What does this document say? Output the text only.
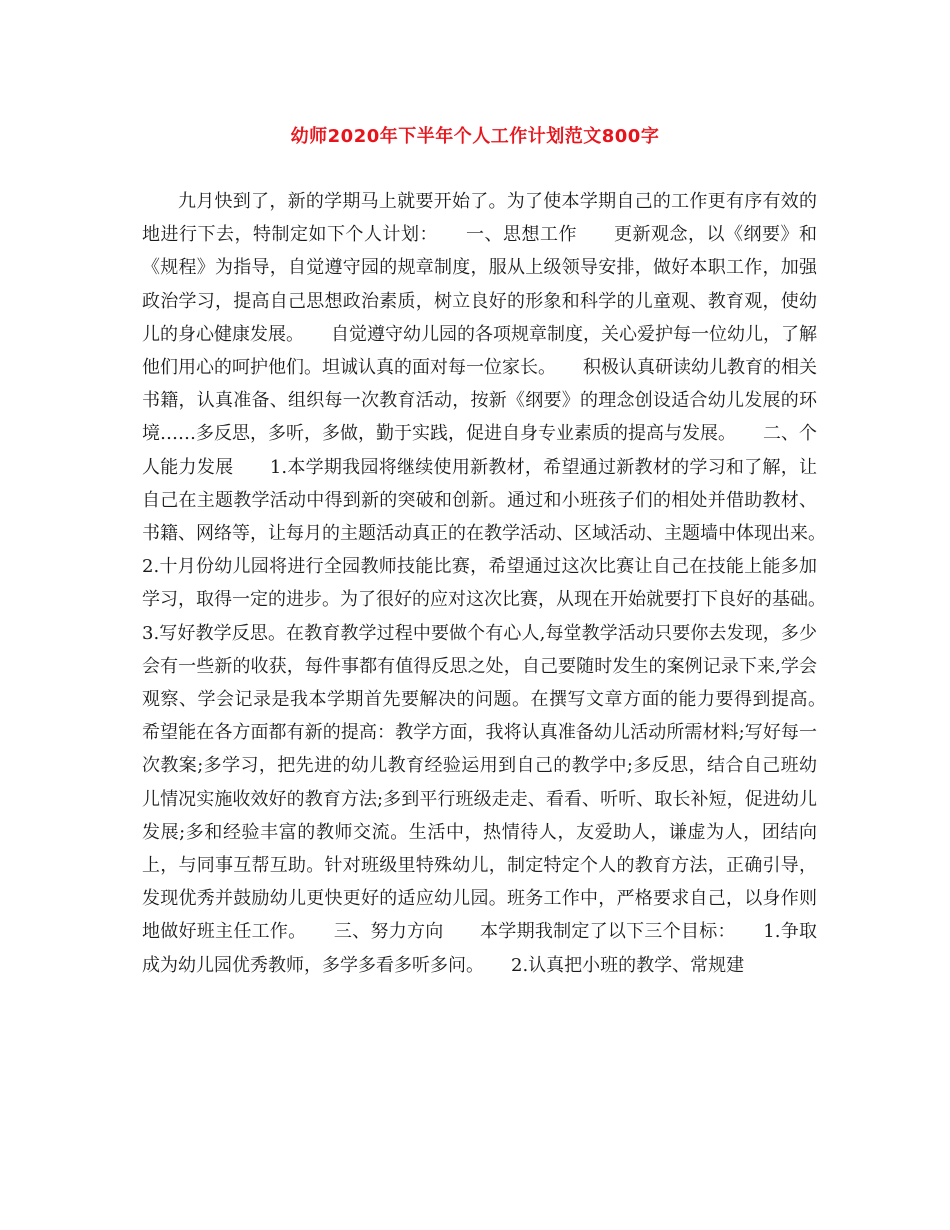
幼师2020年下半年个人工作计划范文800字

九月快到了，新的学期马上就要开始了。为了使本学期自己的工作更有序有效的地进行下去，特制定如下个人计划：　　一、思想工作　　更新观念，以《纲要》和《规程》为指导，自觉遵守园的规章制度，服从上级领导安排，做好本职工作，加强政治学习，提高自己思想政治素质，树立良好的形象和科学的儿童观、教育观，使幼儿的身心健康发展。　　自觉遵守幼儿园的各项规章制度，关心爱护每一位幼儿，了解他们用心的呵护他们。坦诚认真的面对每一位家长。　　积极认真研读幼儿教育的相关书籍，认真准备、组织每一次教育活动，按新《纲要》的理念创设适合幼儿发展的环境……多反思，多听，多做，勤于实践，促进自身专业素质的提高与发展。　　二、个人能力发展　　1.本学期我园将继续使用新教材，希望通过新教材的学习和了解，让自己在主题教学活动中得到新的突破和创新。通过和小班孩子们的相处并借助教材、书籍、网络等，让每月的主题活动真正的在教学活动、区域活动、主题墙中体现出来。　　2.十月份幼儿园将进行全园教师技能比赛，希望通过这次比赛让自己在技能上能多加学习，取得一定的进步。为了很好的应对这次比赛，从现在开始就要打下良好的基础。　　3.写好教学反思。在教育教学过程中要做个有心人,每堂教学活动只要你去发现，多少会有一些新的收获，每件事都有值得反思之处，自己要随时发生的案例记录下来,学会观察、学会记录是我本学期首先要解决的问题。在撰写文章方面的能力要得到提高。　　希望能在各方面都有新的提高：教学方面，我将认真准备幼儿活动所需材料;写好每一次教案;多学习，把先进的幼儿教育经验运用到自己的教学中;多反思，结合自己班幼儿情况实施收效好的教育方法;多到平行班级走走、看看、听听、取长补短，促进幼儿发展;多和经验丰富的教师交流。生活中，热情待人，友爱助人，谦虚为人，团结向上，与同事互帮互助。针对班级里特殊幼儿，制定特定个人的教育方法，正确引导，发现优秀并鼓励幼儿更快更好的适应幼儿园。班务工作中，严格要求自己，以身作则地做好班主任工作。　　三、努力方向　　本学期我制定了以下三个目标：　　1.争取成为幼儿园优秀教师，多学多看多听多问。　　2.认真把小班的教学、常规建
